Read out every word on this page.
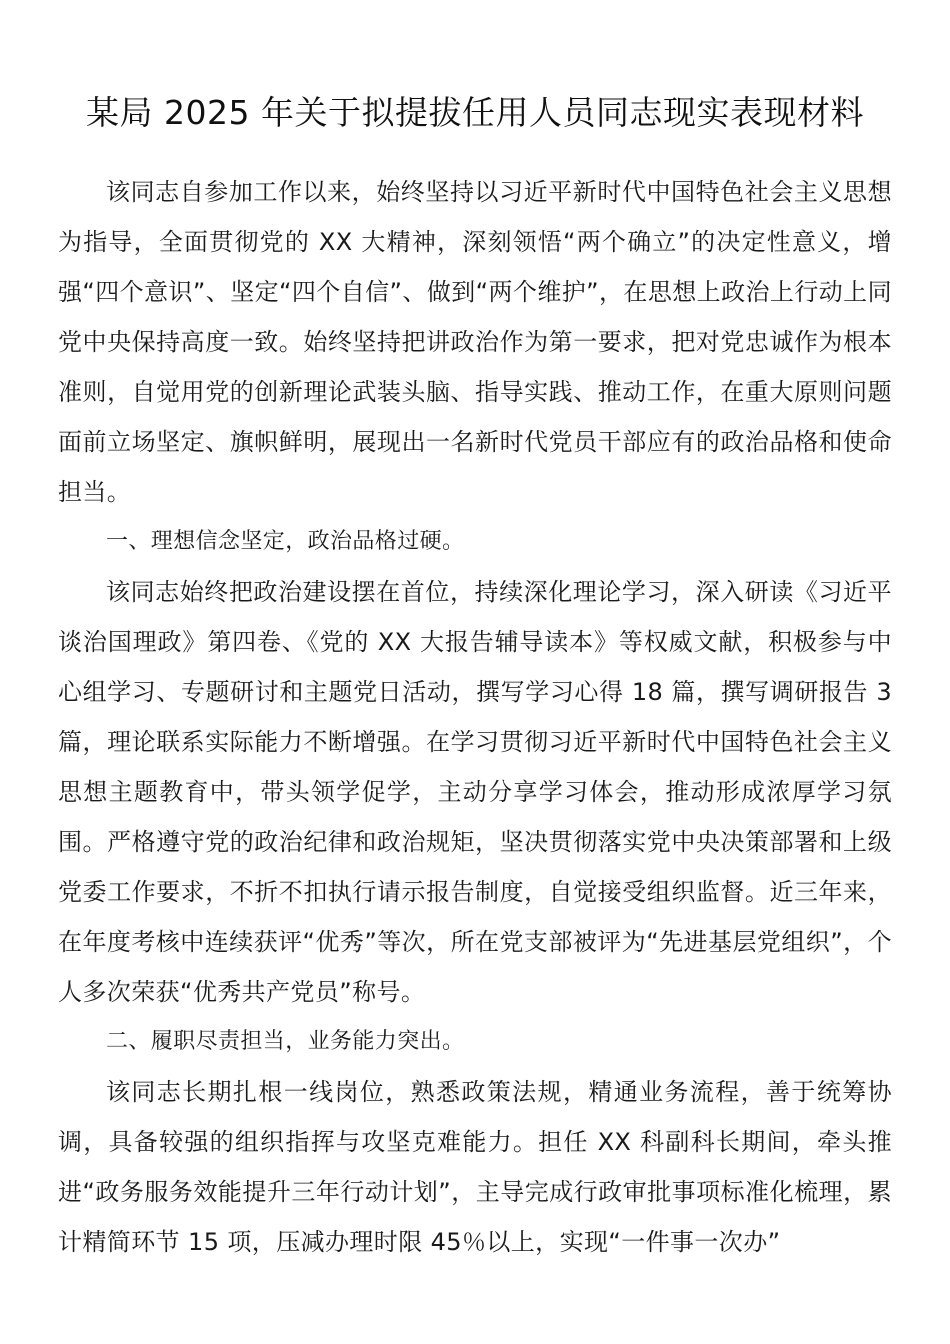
某局 2025 年关于拟提拔任用人员同志现实表现材料

该同志自参加工作以来，始终坚持以习近平新时代中国特色社会主义思想为指导，全面贯彻党的 XX 大精神，深刻领悟“两个确立”的决定性意义，增强“四个意识”、坚定“四个自信”、做到“两个维护”，在思想上政治上行动上同党中央保持高度一致。始终坚持把讲政治作为第一要求，把对党忠诚作为根本准则，自觉用党的创新理论武装头脑、指导实践、推动工作，在重大原则问题面前立场坚定、旗帜鲜明，展现出一名新时代党员干部应有的政治品格和使命担当。

一、理想信念坚定，政治品格过硬。

该同志始终把政治建设摆在首位，持续深化理论学习，深入研读《习近平谈治国理政》第四卷、《党的 XX 大报告辅导读本》等权威文献，积极参与中心组学习、专题研讨和主题党日活动，撰写学习心得 18 篇，撰写调研报告 3 篇，理论联系实际能力不断增强。在学习贯彻习近平新时代中国特色社会主义思想主题教育中，带头领学促学，主动分享学习体会，推动形成浓厚学习氛围。严格遵守党的政治纪律和政治规矩，坚决贯彻落实党中央决策部署和上级党委工作要求，不折不扣执行请示报告制度，自觉接受组织监督。近三年来，在年度考核中连续获评“优秀”等次，所在党支部被评为“先进基层党组织”，个人多次荣获“优秀共产党员”称号。

二、履职尽责担当，业务能力突出。

该同志长期扎根一线岗位，熟悉政策法规，精通业务流程，善于统筹协调，具备较强的组织指挥与攻坚克难能力。担任 XX 科副科长期间，牵头推进“政务服务效能提升三年行动计划”，主导完成行政审批事项标准化梳理，累计精简环节 15 项，压减办理时限 45％以上，实现“一件事一次办”
